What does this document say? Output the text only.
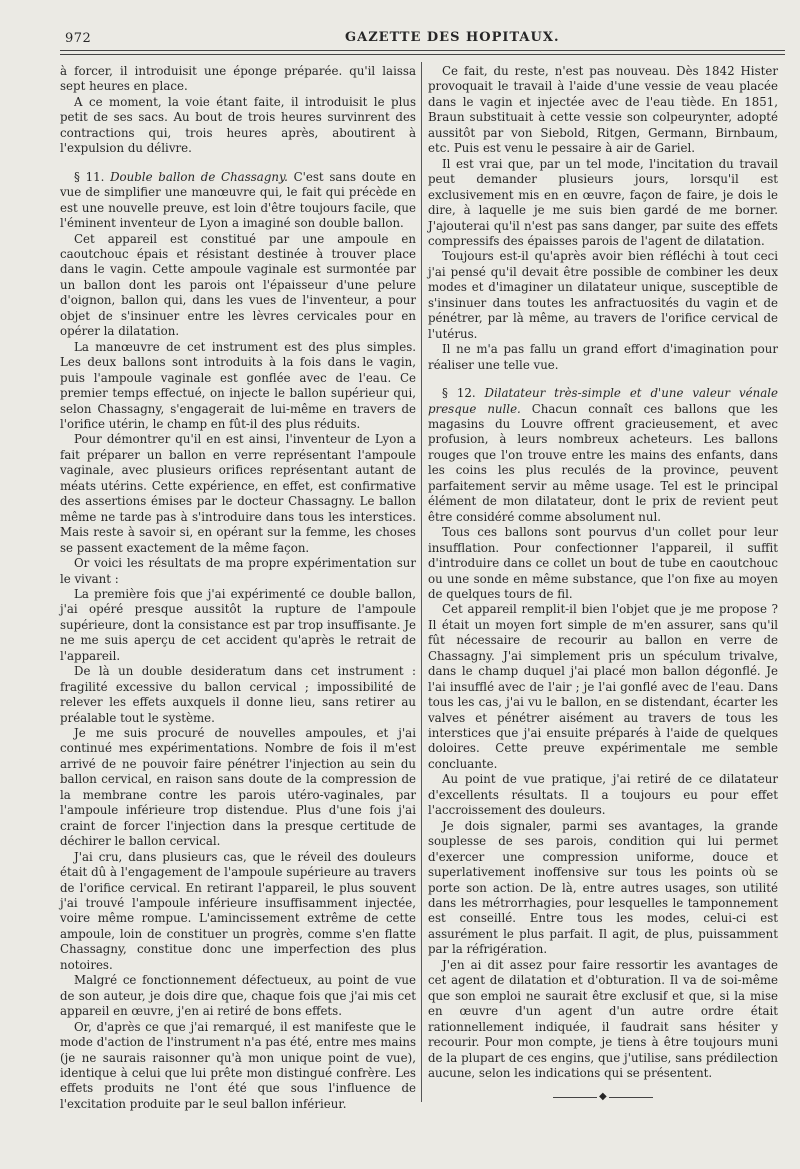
972	GAZETTE DES HOPITAUX.

à forcer, il introduisit une éponge préparée. qu'il laissa sept heures en place.

A ce moment, la voie étant faite, il introduisit le plus petit de ses sacs. Au bout de trois heures survinrent des contractions qui, trois heures après, aboutirent à l'expulsion du délivre.

§ 11. Double ballon de Chassagny. C'est sans doute en vue de simplifier une manœuvre qui, le fait qui précède en est une nouvelle preuve, est loin d'être toujours facile, que l'éminent inventeur de Lyon a imaginé son double ballon.

Cet appareil est constitué par une ampoule en caoutchouc épais et résistant destinée à trouver place dans le vagin. Cette ampoule vaginale est surmontée par un ballon dont les parois ont l'épaisseur d'une pelure d'oignon, ballon qui, dans les vues de l'inventeur, a pour objet de s'insinuer entre les lèvres cervicales pour en opérer la dilatation.

La manœuvre de cet instrument est des plus simples. Les deux ballons sont introduits à la fois dans le vagin, puis l'ampoule vaginale est gonflée avec de l'eau. Ce premier temps effectué, on injecte le ballon supérieur qui, selon Chassagny, s'engagerait de lui-même en travers de l'orifice utérin, le champ en fût-il des plus réduits.

Pour démontrer qu'il en est ainsi, l'inventeur de Lyon a fait préparer un ballon en verre représentant l'ampoule vaginale, avec plusieurs orifices représentant autant de méats utérins. Cette expérience, en effet, est confirmative des assertions émises par le docteur Chassagny. Le ballon même ne tarde pas à s'introduire dans tous les interstices. Mais reste à savoir si, en opérant sur la femme, les choses se passent exactement de la même façon.

Or voici les résultats de ma propre expérimentation sur le vivant :

La première fois que j'ai expérimenté ce double ballon, j'ai opéré presque aussitôt la rupture de l'ampoule supérieure, dont la consistance est par trop insuffisante. Je ne me suis aperçu de cet accident qu'après le retrait de l'appareil.

De là un double desideratum dans cet instrument : fragilité excessive du ballon cervical ; impossibilité de relever les effets auxquels il donne lieu, sans retirer au préalable tout le système.

Je me suis procuré de nouvelles ampoules, et j'ai continué mes expérimentations. Nombre de fois il m'est arrivé de ne pouvoir faire pénétrer l'injection au sein du ballon cervical, en raison sans doute de la compression de la membrane contre les parois utéro-vaginales, par l'ampoule inférieure trop distendue. Plus d'une fois j'ai craint de forcer l'injection dans la presque certitude de déchirer le ballon cervical.

J'ai cru, dans plusieurs cas, que le réveil des douleurs était dû à l'engagement de l'ampoule supérieure au travers de l'orifice cervical. En retirant l'appareil, le plus souvent j'ai trouvé l'ampoule inférieure insuffisamment injectée, voire même rompue. L'amincissement extrême de cette ampoule, loin de constituer un progrès, comme s'en flatte Chassagny, constitue donc une imperfection des plus notoires.

Malgré ce fonctionnement défectueux, au point de vue de son auteur, je dois dire que, chaque fois que j'ai mis cet appareil en œuvre, j'en ai retiré de bons effets.

Or, d'après ce que j'ai remarqué, il est manifeste que le mode d'action de l'instrument n'a pas été, entre mes mains (je ne saurais raisonner qu'à mon unique point de vue), identique à celui que lui prête mon distingué confrère. Les effets produits ne l'ont été que sous l'influence de l'excitation produite par le seul ballon inférieur.

Ce fait, du reste, n'est pas nouveau. Dès 1842 Hister provoquait le travail à l'aide d'une vessie de veau placée dans le vagin et injectée avec de l'eau tiède. En 1851, Braun substituait à cette vessie son colpeurynter, adopté aussitôt par von Siebold, Ritgen, Germann, Birnbaum, etc. Puis est venu le pessaire à air de Gariel.

Il est vrai que, par un tel mode, l'incitation du travail peut demander plusieurs jours, lorsqu'il est exclusivement mis en en œuvre, façon de faire, je dois le dire, à laquelle je me suis bien gardé de me borner. J'ajouterai qu'il n'est pas sans danger, par suite des effets compressifs des épaisses parois de l'agent de dilatation.

Toujours est-il qu'après avoir bien réfléchi à tout ceci j'ai pensé qu'il devait être possible de combiner les deux modes et d'imaginer un dilatateur unique, susceptible de s'insinuer dans toutes les anfractuosités du vagin et de pénétrer, par là même, au travers de l'orifice cervical de l'utérus.

Il ne m'a pas fallu un grand effort d'imagination pour réaliser une telle vue.

§ 12. Dilatateur très-simple et d'une valeur vénale presque nulle. Chacun connaît ces ballons que les magasins du Louvre offrent gracieusement, et avec profusion, à leurs nombreux acheteurs. Les ballons rouges que l'on trouve entre les mains des enfants, dans les coins les plus reculés de la province, peuvent parfaitement servir au même usage. Tel est le principal élément de mon dilatateur, dont le prix de revient peut être considéré comme absolument nul.

Tous ces ballons sont pourvus d'un collet pour leur insufflation. Pour confectionner l'appareil, il suffit d'introduire dans ce collet un bout de tube en caoutchouc ou une sonde en même substance, que l'on fixe au moyen de quelques tours de fil.

Cet appareil remplit-il bien l'objet que je me propose ? Il était un moyen fort simple de m'en assurer, sans qu'il fût nécessaire de recourir au ballon en verre de Chassagny. J'ai simplement pris un spéculum trivalve, dans le champ duquel j'ai placé mon ballon dégonflé. Je l'ai insufflé avec de l'air ; je l'ai gonflé avec de l'eau. Dans tous les cas, j'ai vu le ballon, en se distendant, écarter les valves et pénétrer aisément au travers de tous les interstices que j'ai ensuite préparés à l'aide de quelques doloires. Cette preuve expérimentale me semble concluante.

Au point de vue pratique, j'ai retiré de ce dilatateur d'excellents résultats. Il a toujours eu pour effet l'accroissement des douleurs.

Je dois signaler, parmi ses avantages, la grande souplesse de ses parois, condition qui lui permet d'exercer une compression uniforme, douce et superlativement inoffensive sur tous les points où se porte son action. De là, entre autres usages, son utilité dans les métrorrhagies, pour lesquelles le tamponnement est conseillé. Entre tous les modes, celui-ci est assurément le plus parfait. Il agit, de plus, puissamment par la réfrigération.

J'en ai dit assez pour faire ressortir les avantages de cet agent de dilatation et d'obturation. Il va de soi-même que son emploi ne saurait être exclusif et que, si la mise en œuvre d'un agent d'un autre ordre était rationnellement indiquée, il faudrait sans hésiter y recourir. Pour mon compte, je tiens à être toujours muni de la plupart de ces engins, que j'utilise, sans prédilection aucune, selon les indications qui se présentent.

◆
